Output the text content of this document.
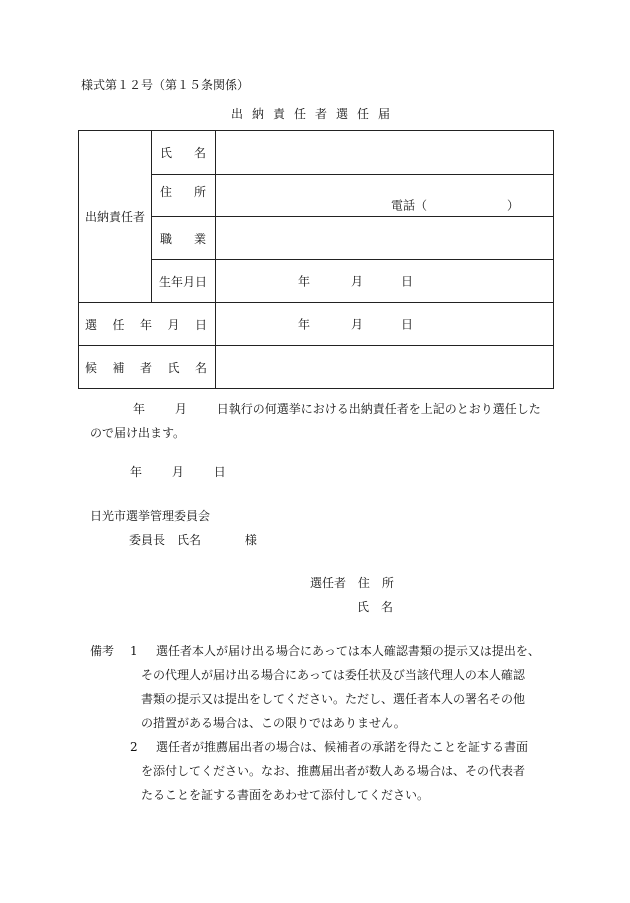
様式第１２号（第１５条関係）
出納責任者選任届
出納責任者	氏 名	

	住 所	電話（ ）

	職 業	

	生年月日	年 月 日

選 任 年 月 日		年 月 日

候 補 者 氏 名		

年 月 日執行の何選挙における出納責任者を上記のとおり選任した
ので届け出ます。
年 月 日
日光市選挙管理委員会
委員長　氏名	様
選任者 住　所
氏　名
備考 1 選任者本人が届け出る場合にあっては本人確認書類の提示又は提出を、
その代理人が届け出る場合にあっては委任状及び当該代理人の本人確認
書類の提示又は提出をしてください。ただし、選任者本人の署名その他
の措置がある場合は、この限りではありません。
2 選任者が推薦届出者の場合は、候補者の承諾を得たことを証する書面
を添付してください。なお、推薦届出者が数人ある場合は、その代表者
たることを証する書面をあわせて添付してください。
